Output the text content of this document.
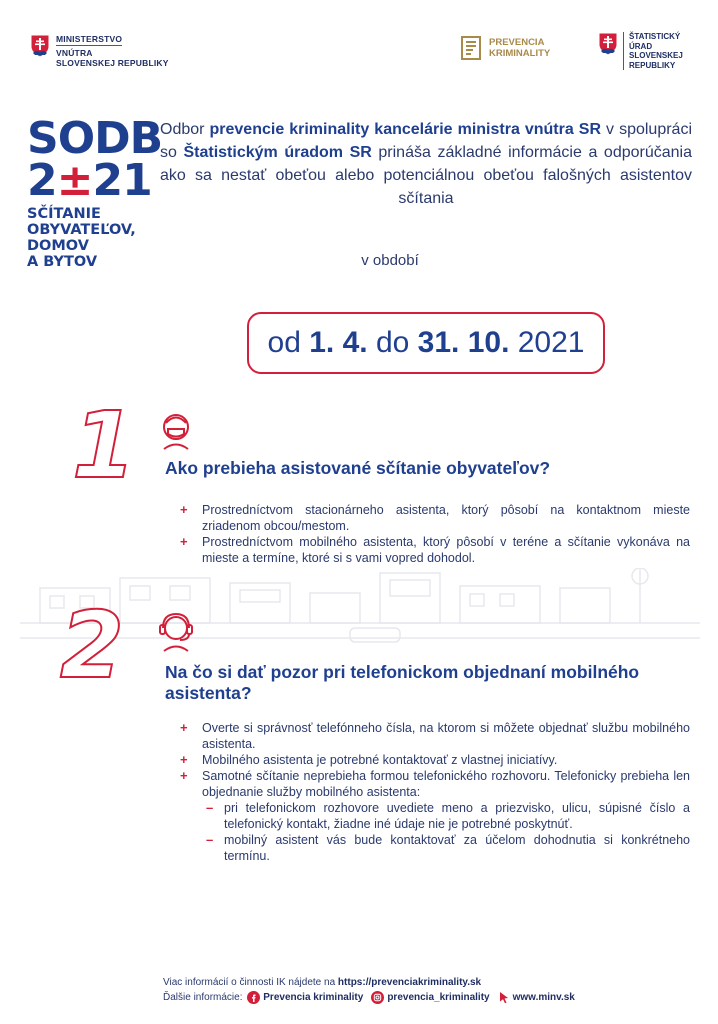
MINISTERSTVO
VNÚTRA
SLOVENSKEJ REPUBLIKY
PREVENCIA
KRIMINALITY
ŠTATISTICKÝ
ÚRAD
SLOVENSKEJ
REPUBLIKY
SODB
2±21
SČÍTANIE
OBYVATEĽOV,
DOMOV
A BYTOV

Odbor prevencie kriminality kancelárie ministra vnútra SR v spolupráci so Štatistickým úradom SR prináša základné informácie a odporúčania ako sa nestať obeťou alebo potenciálnou obeťou falošných asistentov sčítania

v období
od 1. 4. do 31. 10. 2021
1 Ako prebieha asistované sčítanie obyvateľov?
+ Prostredníctvom stacionárneho asistenta, ktorý pôsobí na kontaktnom mieste zriadenom obcou/mestom.
+ Prostredníctvom mobilného asistenta, ktorý pôsobí v teréne a sčítanie vykonáva na mieste a termíne, ktoré si s vami vopred dohodol.
2 Na čo si dať pozor pri telefonickom objednaní mobilného asistenta?
+ Overte si správnosť telefónneho čísla, na ktorom si môžete objednať službu mobilného asistenta.
+ Mobilného asistenta je potrebné kontaktovať z vlastnej iniciatívy.
+ Samotné sčítanie neprebieha formou telefonického rozhovoru. Telefonicky prebieha len objednanie služby mobilného asistenta:
– pri telefonickom rozhovore uvediete meno a priezvisko, ulicu, súpisné číslo a telefonický kontakt, žiadne iné údaje nie je potrebné poskytnúť.
– mobilný asistent vás bude kontaktovať za účelom dohodnutia si konkrétneho termínu.
Viac informácií o činnosti IK nájdete na https://prevenciakriminality.sk
Ďalšie informácie: Prevencia kriminality prevencia_kriminality www.minv.sk
